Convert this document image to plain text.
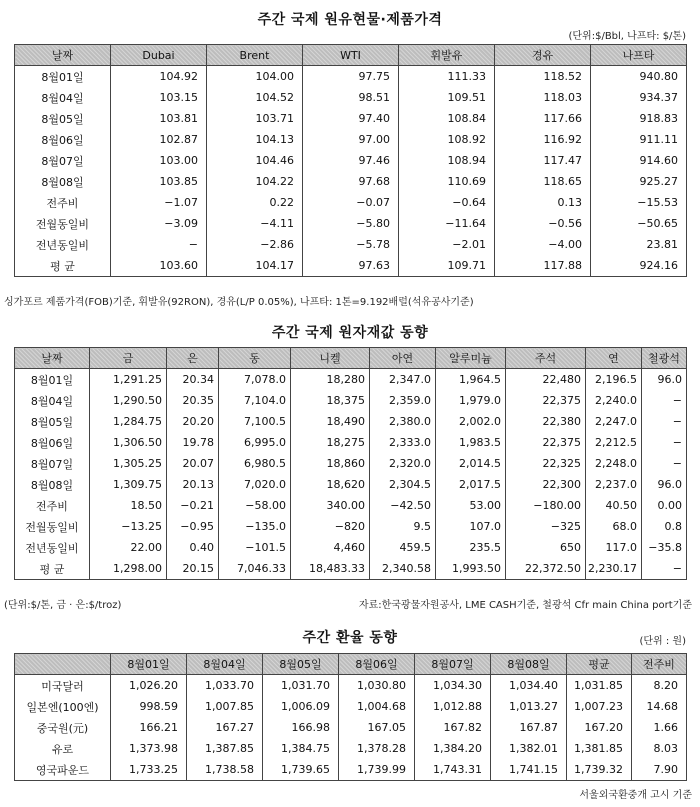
주간 국제 원유현물·제품가격
(단위:$/Bbl, 나프타: $/톤)
날짜	Dubai	Brent	WTI	휘발유	경유	나프타
8월01일	104.92	104.00	97.75	111.33	118.52	940.80
8월04일	103.15	104.52	98.51	109.51	118.03	934.37
8월05일	103.81	103.71	97.40	108.84	117.66	918.83
8월06일	102.87	104.13	97.00	108.92	116.92	911.11
8월07일	103.00	104.46	97.46	108.94	117.47	914.60
8월08일	103.85	104.22	97.68	110.69	118.65	925.27
전주비	−1.07	0.22	−0.07	−0.64	0.13	−15.53
전월동일비	−3.09	−4.11	−5.80	−11.64	−0.56	−50.65
전년동일비	−	−2.86	−5.78	−2.01	−4.00	23.81
평 균	103.60	104.17	97.63	109.71	117.88	924.16
싱가포르 제품가격(FOB)기준, 휘발유(92RON), 경유(L/P 0.05%), 나프타: 1톤=9.192배럴(석유공사기준)
주간 국제 원자재값 동향
날짜	금	은	동	니켈	아연	알루미늄	주석	연	철광석
8월01일	1,291.25	20.34	7,078.0	18,280	2,347.0	1,964.5	22,480	2,196.5	96.0
8월04일	1,290.50	20.35	7,104.0	18,375	2,359.0	1,979.0	22,375	2,240.0	−
8월05일	1,284.75	20.20	7,100.5	18,490	2,380.0	2,002.0	22,380	2,247.0	−
8월06일	1,306.50	19.78	6,995.0	18,275	2,333.0	1,983.5	22,375	2,212.5	−
8월07일	1,305.25	20.07	6,980.5	18,860	2,320.0	2,014.5	22,325	2,248.0	−
8월08일	1,309.75	20.13	7,020.0	18,620	2,304.5	2,017.5	22,300	2,237.0	96.0
전주비	18.50	−0.21	−58.00	340.00	−42.50	53.00	−180.00	40.50	0.00
전월동일비	−13.25	−0.95	−135.0	−820	9.5	107.0	−325	68.0	0.8
전년동일비	22.00	0.40	−101.5	4,460	459.5	235.5	650	117.0	−35.8
평 균	1,298.00	20.15	7,046.33	18,483.33	2,340.58	1,993.50	22,372.50	2,230.17	−
(단위:$/톤, 금 · 은:$/troz)	자료:한국광물자원공사, LME CASH기준, 철광석 Cfr main China port기준
주간 환율 동향	(단위 : 원)
	8월01일	8월04일	8월05일	8월06일	8월07일	8월08일	평균	전주비
미국달러	1,026.20	1,033.70	1,031.70	1,030.80	1,034.30	1,034.40	1,031.85	8.20
일본엔(100엔)	998.59	1,007.85	1,006.09	1,004.68	1,012.88	1,013.27	1,007.23	14.68
중국원(元)	166.21	167.27	166.98	167.05	167.82	167.87	167.20	1.66
유로	1,373.98	1,387.85	1,384.75	1,378.28	1,384.20	1,382.01	1,381.85	8.03
영국파운드	1,733.25	1,738.58	1,739.65	1,739.99	1,743.31	1,741.15	1,739.32	7.90
서울외국환중개 고시 기준
